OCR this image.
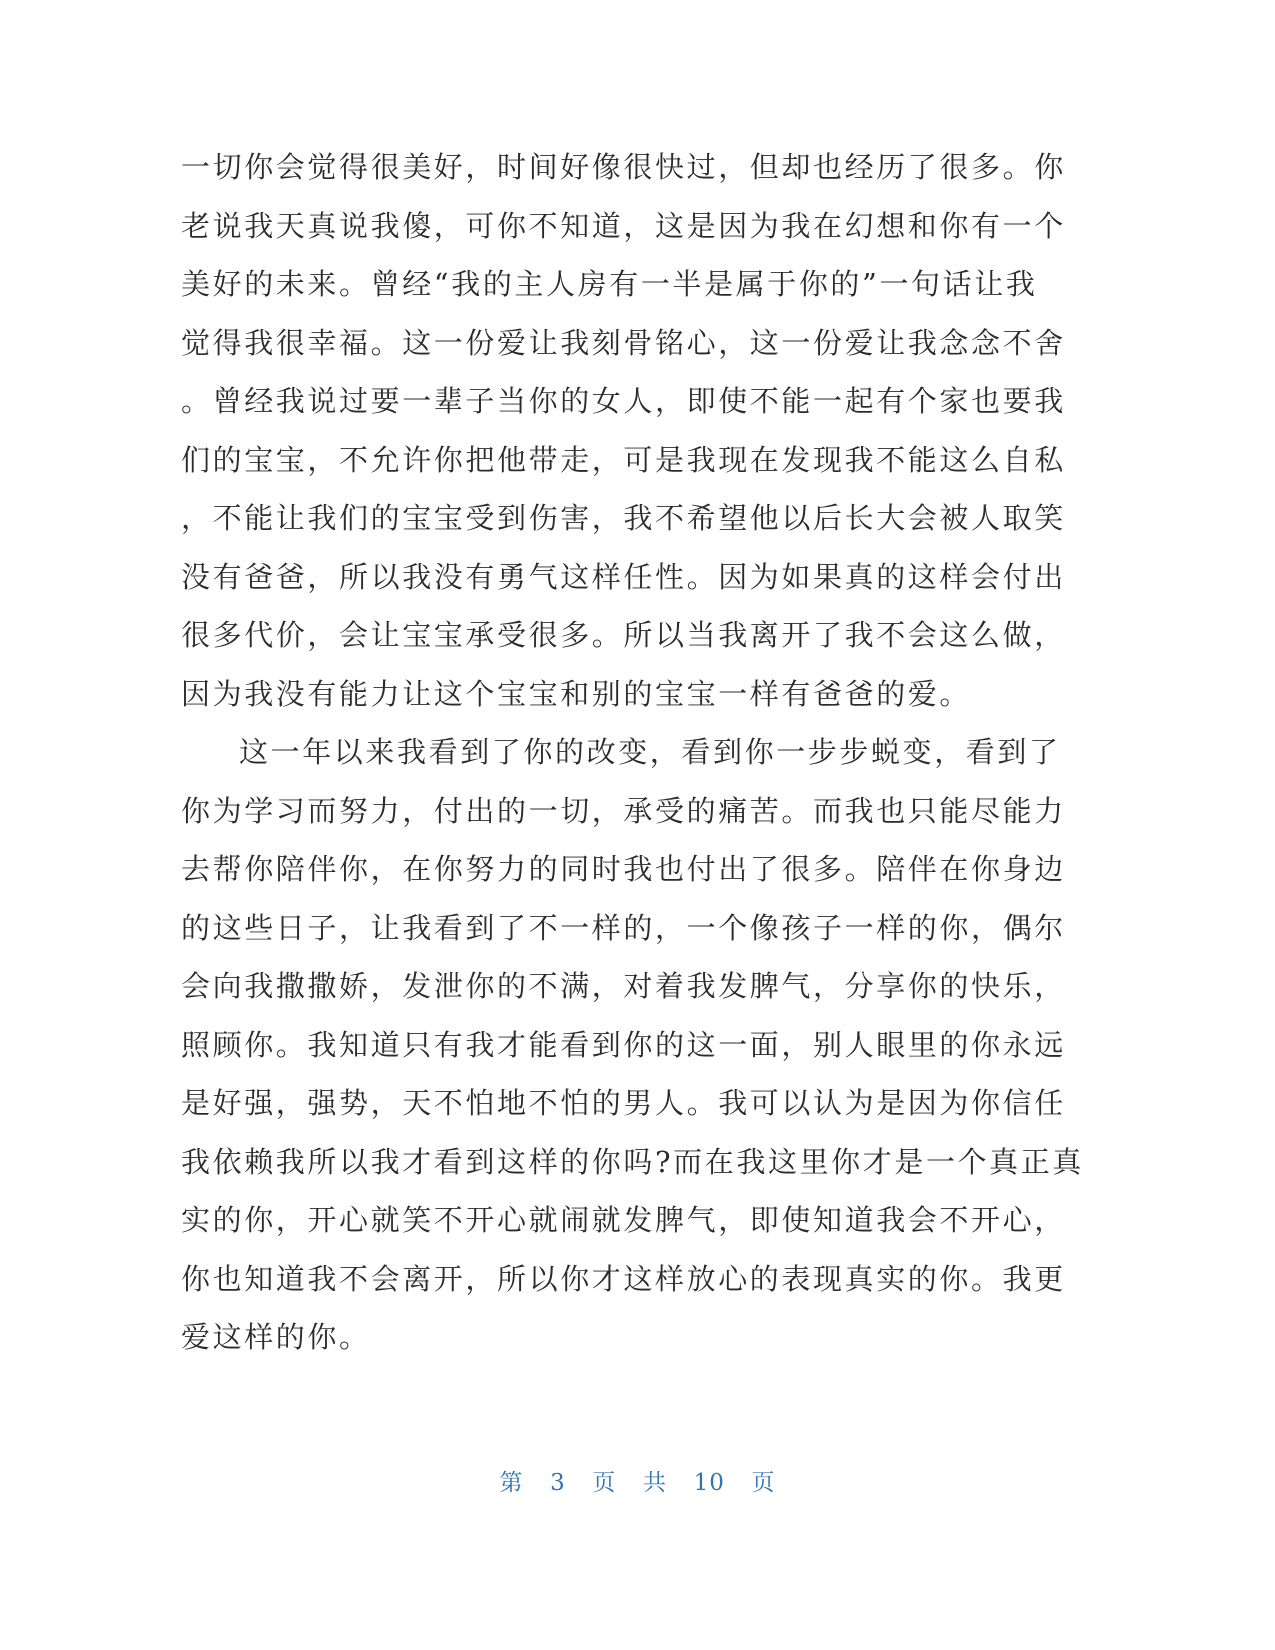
一切你会觉得很美好，时间好像很快过，但却也经历了很多。你
老说我天真说我傻，可你不知道，这是因为我在幻想和你有一个
美好的未来。曾经“我的主人房有一半是属于你的”一句话让我
觉得我很幸福。这一份爱让我刻骨铭心，这一份爱让我念念不舍
。曾经我说过要一辈子当你的女人，即使不能一起有个家也要我
们的宝宝，不允许你把他带走，可是我现在发现我不能这么自私
，不能让我们的宝宝受到伤害，我不希望他以后长大会被人取笑
没有爸爸，所以我没有勇气这样任性。因为如果真的这样会付出
很多代价，会让宝宝承受很多。所以当我离开了我不会这么做，
因为我没有能力让这个宝宝和别的宝宝一样有爸爸的爱。
这一年以来我看到了你的改变，看到你一步步蜕变，看到了
你为学习而努力，付出的一切，承受的痛苦。而我也只能尽能力
去帮你陪伴你，在你努力的同时我也付出了很多。陪伴在你身边
的这些日子，让我看到了不一样的，一个像孩子一样的你，偶尔
会向我撒撒娇，发泄你的不满，对着我发脾气，分享你的快乐，
照顾你。我知道只有我才能看到你的这一面，别人眼里的你永远
是好强，强势，天不怕地不怕的男人。我可以认为是因为你信任
我依赖我所以我才看到这样的你吗?而在我这里你才是一个真正真
实的你，开心就笑不开心就闹就发脾气，即使知道我会不开心，
你也知道我不会离开，所以你才这样放心的表现真实的你。我更
爱这样的你。
第 3 页 共 10 页
